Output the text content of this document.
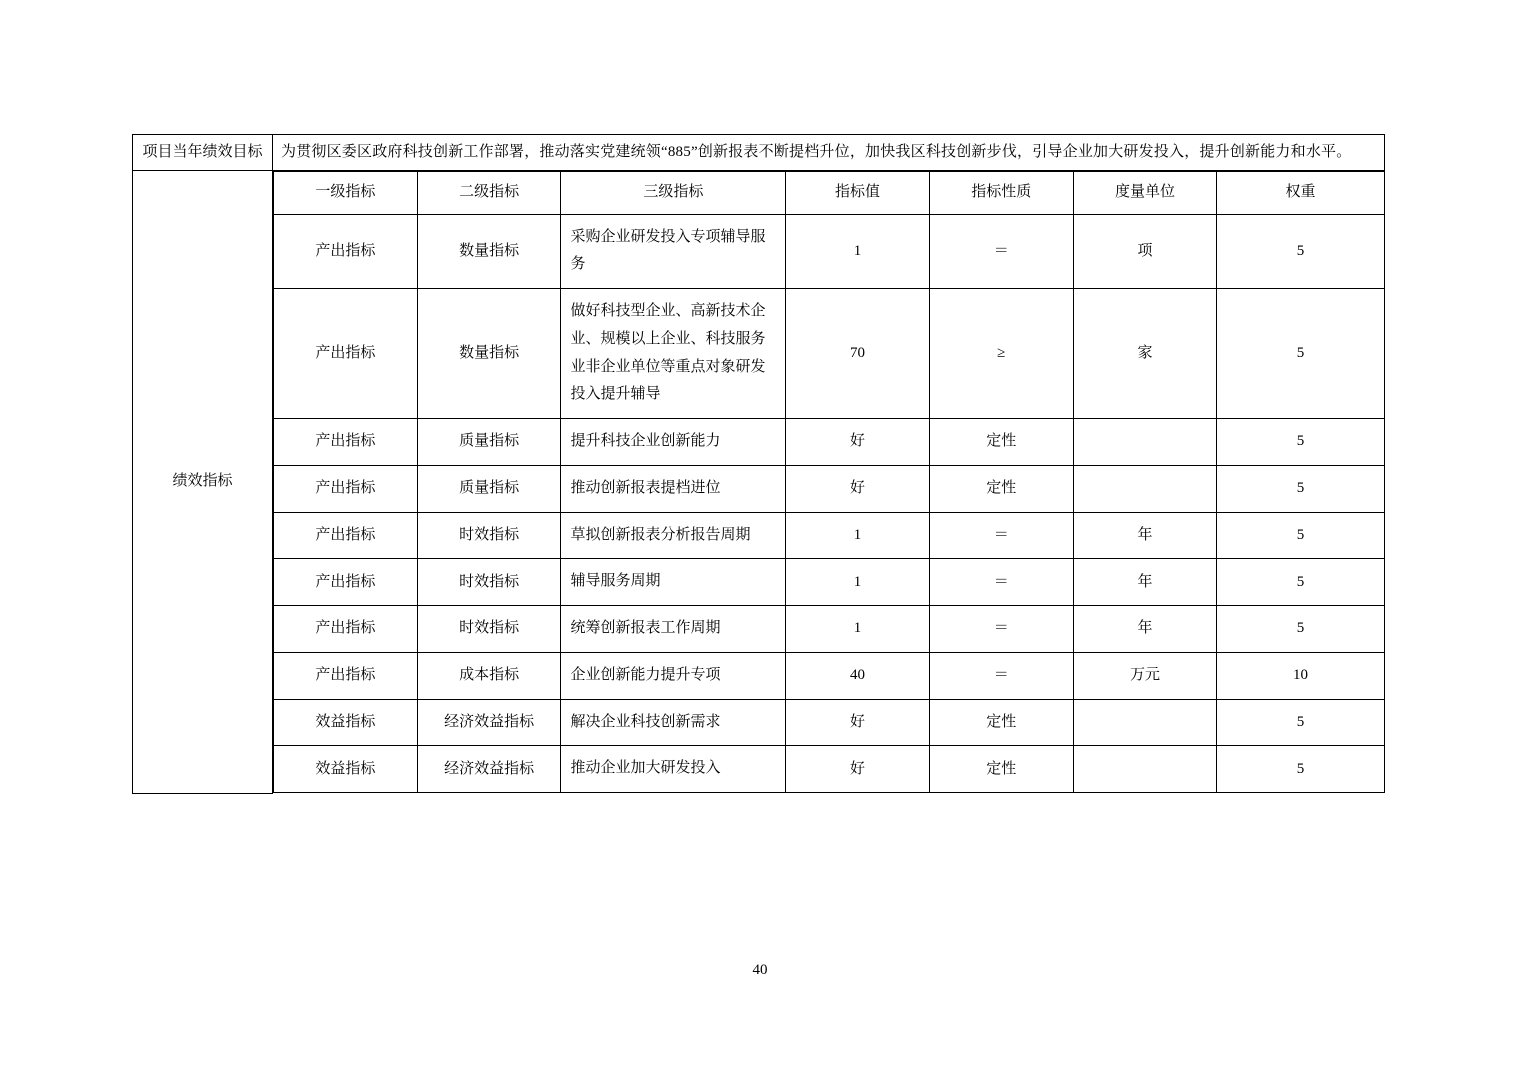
项目当年绩效目标	为贯彻区委区政府科技创新工作部署，推动落实党建统领“885”创新报表不断提档升位，加快我区科技创新步伐，引导企业加大研发投入，提升创新能力和水平。
绩效指标	
一级指标	二级指标	三级指标	指标值	指标性质	度量单位	权重
产出指标	数量指标	采购企业研发投入专项辅导服务	1	＝	项	5
产出指标	数量指标	做好科技型企业、高新技术企业、规模以上企业、科技服务业非企业单位等重点对象研发投入提升辅导	70	≥	家	5
产出指标	质量指标	提升科技企业创新能力	好	定性		5
产出指标	质量指标	推动创新报表提档进位	好	定性		5
产出指标	时效指标	草拟创新报表分析报告周期	1	＝	年	5
产出指标	时效指标	辅导服务周期	1	＝	年	5
产出指标	时效指标	统筹创新报表工作周期	1	＝	年	5
产出指标	成本指标	企业创新能力提升专项	40	＝	万元	10
效益指标	经济效益指标	解决企业科技创新需求	好	定性		5
效益指标	经济效益指标	推动企业加大研发投入	好	定性		5
40
